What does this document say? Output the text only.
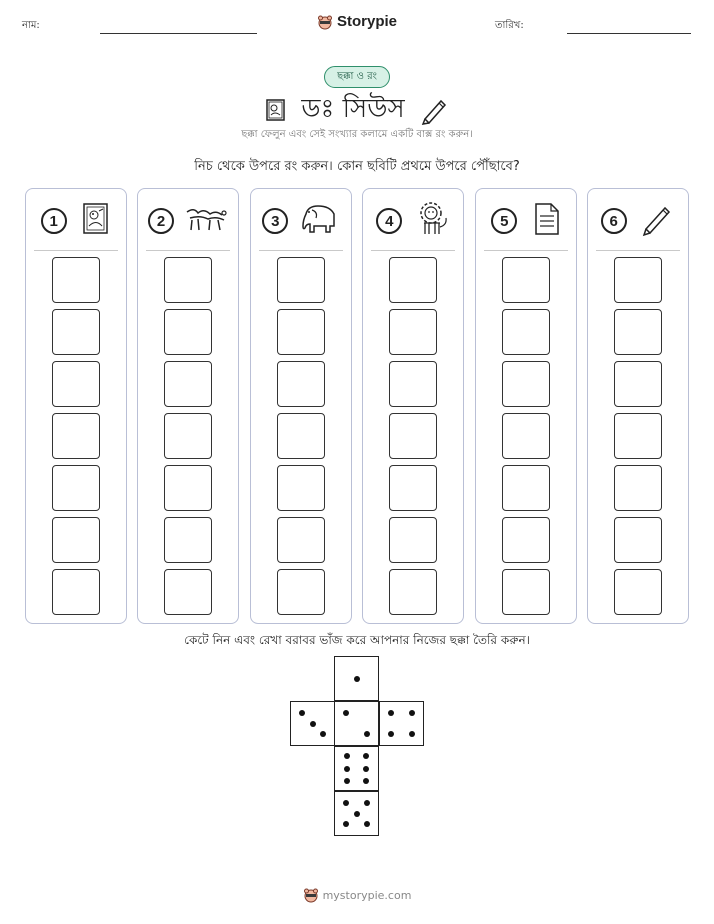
নাম:	Storypie	তারিখ:
ছক্কা ও রং
ডঃ সিউস
ছক্কা ফেলুন এবং সেই সংখ্যার কলামে একটি বাক্স রং করুন।
নিচ থেকে উপরে রং করুন। কোন ছবিটি প্রথমে উপরে পৌঁছাবে?
1	2	3	4	5	6
কেটে নিন এবং রেখা বরাবর ভাঁজ করে আপনার নিজের ছক্কা তৈরি করুন।
mystorypie.com
